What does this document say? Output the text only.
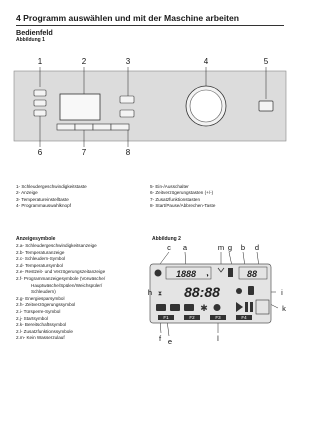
4 Programm auswählen und mit der Maschine arbeiten
Bedienfeld
Abbildung 1
1	2	3	4	5
6	7	8
1- Schleudergeschwindigkeitstaste
2- Anzeige
3- Temperatureinstelltaste
4- Programmauswahlknopf
5- Ein-/Ausschalter
6- Zeitverzögerungstasten (+/-)
7- Zusatzfunktionstasten
8- Start/Pause/Abbrechen-Taste
Anzeigesymbole
2.a- Schleudergeschwindigkeitsanzeige
2.b- Temperaturanzeige
2.c- Schleudern-Symbol
2.d- Temperatursymbol
2.e- Restzeit- und Verzögerungszeitanzeige
2.f- Programmanzeigesymbole (Vorwäsche/
Hauptwäsche/Spülen/Weichspüler/
Schleudern)
2.g- Energiesparsymbol
2.h- Zeitverzögerungssymbol
2.i- Türsperre-Symbol
2.j- Startsymbol
2.k- Bereitschaftssymbol
2.l- Zusatzfunktionssymbole
2.m- Kein Wasserzulauf
Abbildung 2
1888 ◑	88
⧗ 88:88
✱
F1	F2	F3	F4
c a	m g b d
h	i
k
f e	l
